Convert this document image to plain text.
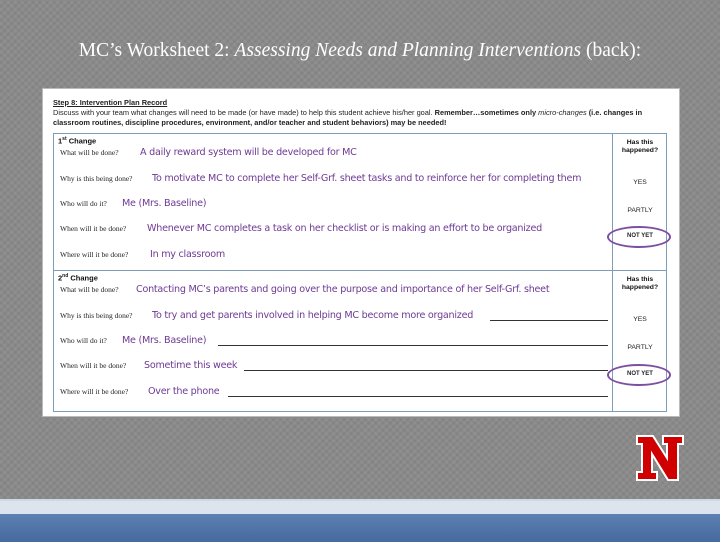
MC’s Worksheet 2: Assessing Needs and Planning Interventions (back):
Step 8: Intervention Plan Record
Discuss with your team what changes will need to be made (or have made) to help this student achieve his/her goal. Remember…sometimes only micro-changes (i.e. changes in classroom routines, discipline procedures, environment, and/or teacher and student behaviors) may be needed!
1st Change
What will be done? A daily reward system will be developed for MC
Why is this being done? To motivate MC to complete her Self-Grf. sheet tasks and to reinforce her for completing them
Who will do it? Me (Mrs. Baseline)
When will it be done? Whenever MC completes a task on her checklist or is making an effort to be organized
Where will it be done? In my classroom
Has this happened?
YES
PARTLY
NOT YET
2nd Change
What will be done? Contacting MC’s parents and going over the purpose and importance of her Self-Grf. sheet
Why is this being done? To try and get parents involved in helping MC become more organized
Who will do it? Me (Mrs. Baseline)
When will it be done? Sometime this week
Where will it be done? Over the phone
Has this happened?
YES
PARTLY
NOT YET
